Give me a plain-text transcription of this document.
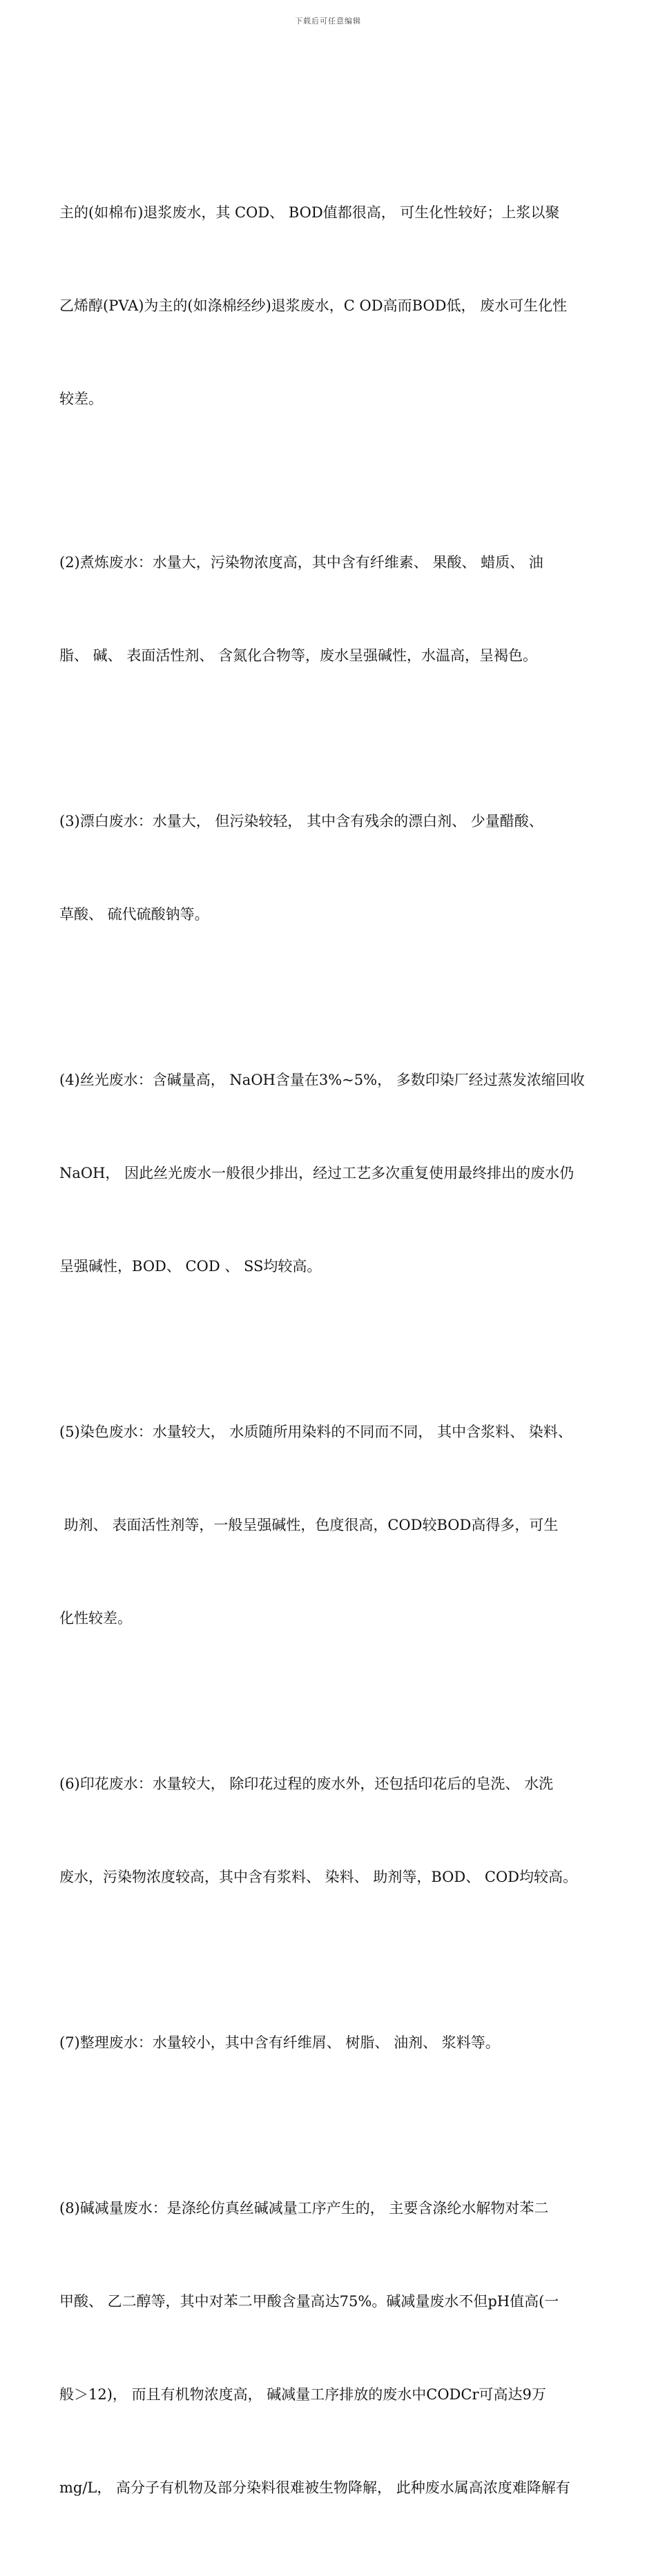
下载后可任意编辑

主的(如棉布)退浆废水，其 COD、 BOD值都很高， 可生化性较好；上浆以聚

乙烯醇(PVA)为主的(如涤棉经纱)退浆废水，C OD高而BOD低， 废水可生化性

较差。

(2)煮炼废水：水量大，污染物浓度高，其中含有纤维素、 果酸、 蜡质、 油

脂、 碱、 表面活性剂、 含氮化合物等，废水呈强碱性，水温高，呈褐色。

(3)漂白废水：水量大， 但污染较轻， 其中含有残余的漂白剂、 少量醋酸、

草酸、 硫代硫酸钠等。

(4)丝光废水：含碱量高， NaOH含量在3%~5%， 多数印染厂经过蒸发浓缩回收

NaOH， 因此丝光废水一般很少排出，经过工艺多次重复使用最终排出的废水仍

呈强碱性，BOD、 COD 、 SS均较高。

(5)染色废水：水量较大， 水质随所用染料的不同而不同， 其中含浆料、 染料、

助剂、 表面活性剂等，一般呈强碱性，色度很高，COD较BOD高得多，可生

化性较差。

(6)印花废水：水量较大， 除印花过程的废水外，还包括印花后的皂洗、 水洗

废水，污染物浓度较高，其中含有浆料、 染料、 助剂等，BOD、 COD均较高。

(7)整理废水：水量较小，其中含有纤维屑、 树脂、 油剂、 浆料等。

(8)碱减量废水：是涤纶仿真丝碱减量工序产生的， 主要含涤纶水解物对苯二

甲酸、 乙二醇等，其中对苯二甲酸含量高达75%。碱减量废水不但pH值高(一

般＞12)， 而且有机物浓度高， 碱减量工序排放的废水中CODCr可高达9万

mg/L， 高分子有机物及部分染料很难被生物降解， 此种废水属高浓度难降解有
